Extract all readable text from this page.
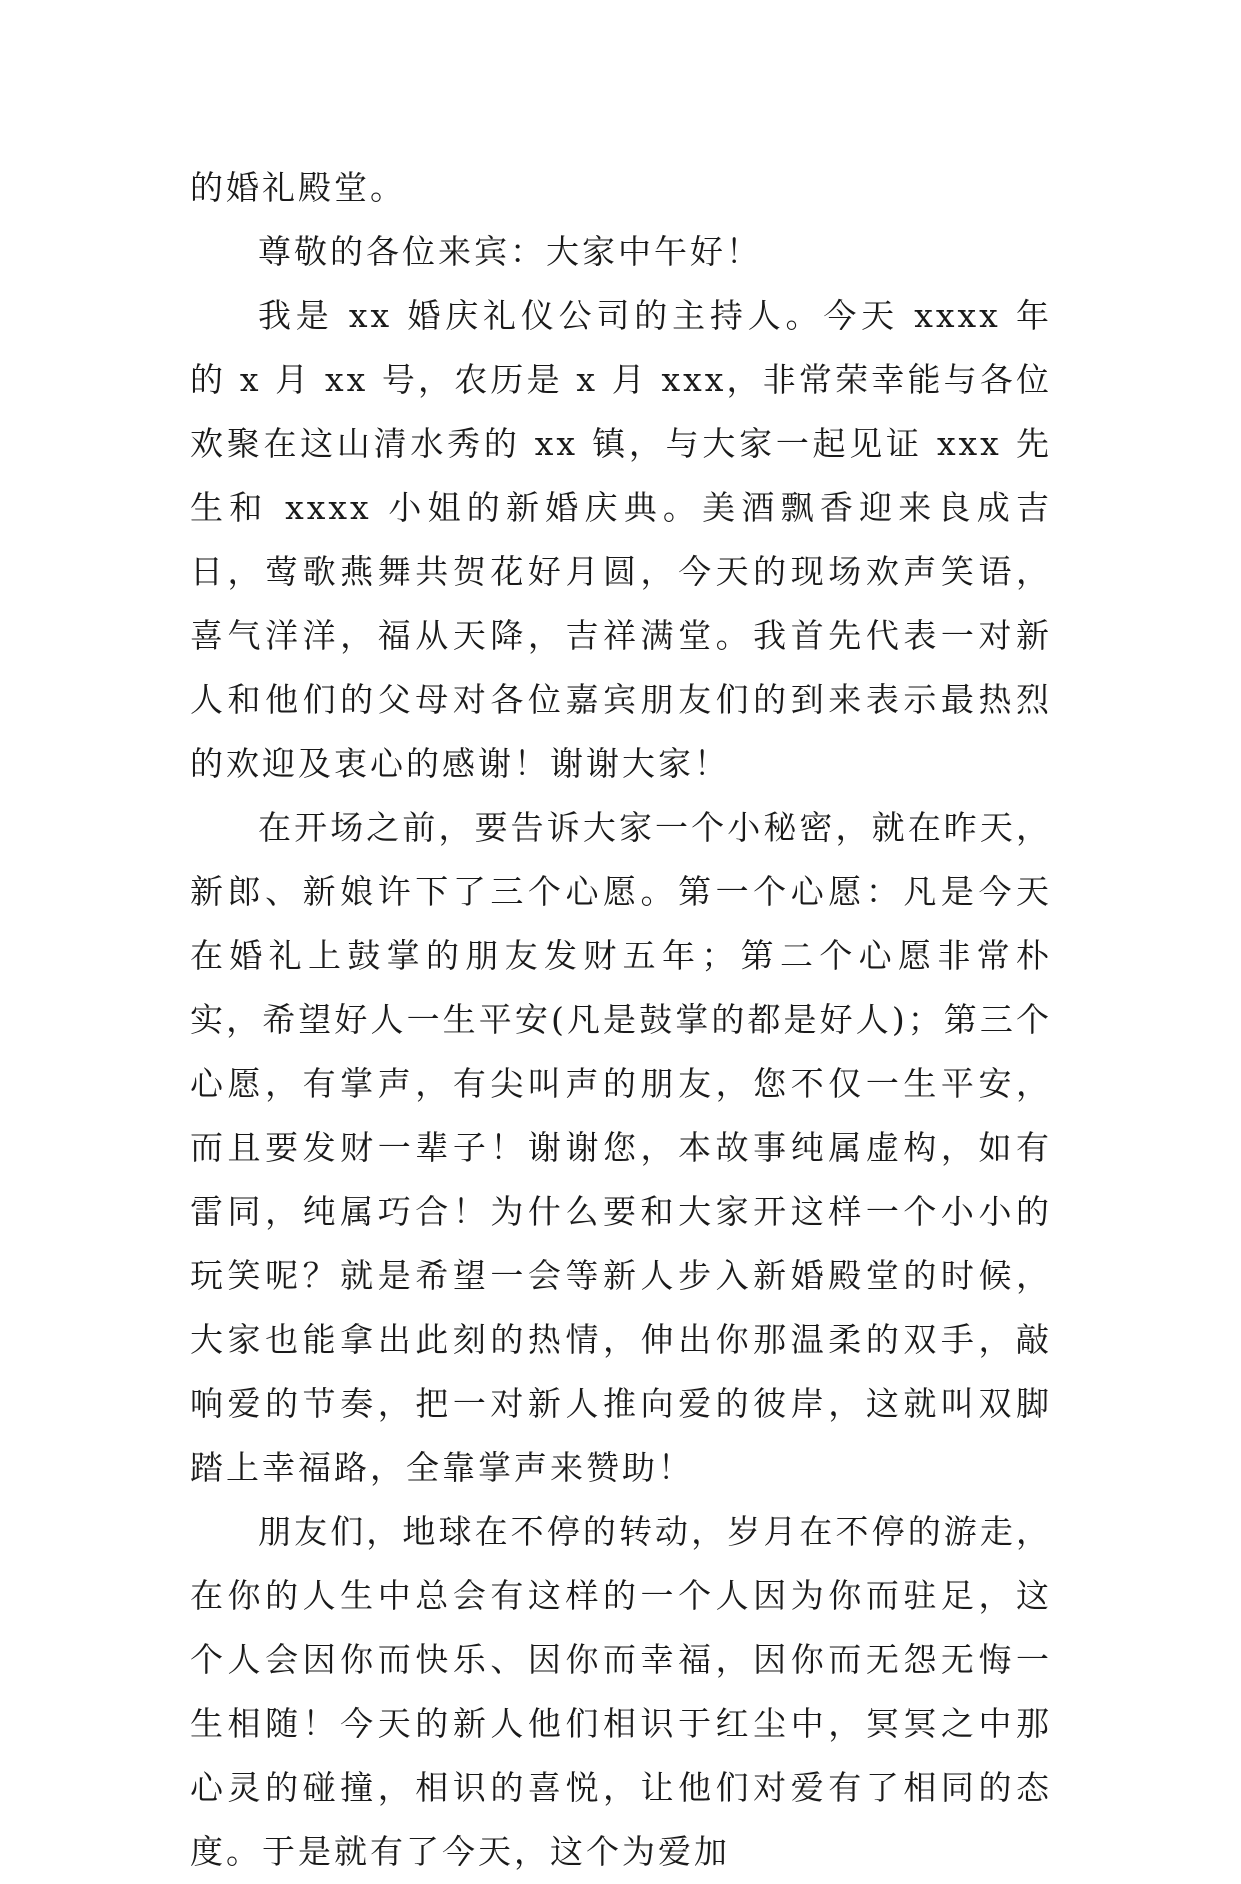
的婚礼殿堂。

尊敬的各位来宾：大家中午好！

我是 xx 婚庆礼仪公司的主持人。今天 xxxx 年的 x 月 xx 号，农历是 x 月 xxx，非常荣幸能与各位欢聚在这山清水秀的 xx 镇，与大家一起见证 xxx 先生和 xxxx 小姐的新婚庆典。美酒飘香迎来良成吉日，莺歌燕舞共贺花好月圆，今天的现场欢声笑语，喜气洋洋，福从天降，吉祥满堂。我首先代表一对新人和他们的父母对各位嘉宾朋友们的到来表示最热烈的欢迎及衷心的感谢！谢谢大家！

在开场之前，要告诉大家一个小秘密，就在昨天，新郎、新娘许下了三个心愿。第一个心愿：凡是今天在婚礼上鼓掌的朋友发财五年；第二个心愿非常朴实，希望好人一生平安(凡是鼓掌的都是好人)；第三个心愿，有掌声，有尖叫声的朋友，您不仅一生平安，而且要发财一辈子！谢谢您，本故事纯属虚构，如有雷同，纯属巧合！为什么要和大家开这样一个小小的玩笑呢？就是希望一会等新人步入新婚殿堂的时候，大家也能拿出此刻的热情，伸出你那温柔的双手，敲响爱的节奏，把一对新人推向爱的彼岸，这就叫双脚踏上幸福路，全靠掌声来赞助！

朋友们，地球在不停的转动，岁月在不停的游走，在你的人生中总会有这样的一个人因为你而驻足，这个人会因你而快乐、因你而幸福，因你而无怨无悔一生相随！今天的新人他们相识于红尘中，冥冥之中那心灵的碰撞，相识的喜悦，让他们对爱有了相同的态度。于是就有了今天，这个为爱加
